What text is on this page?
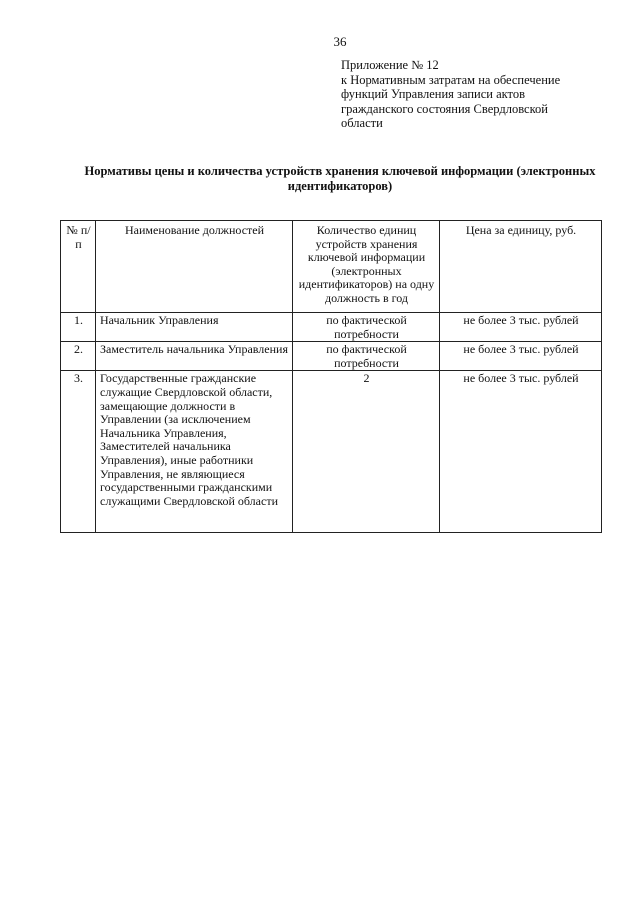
36
Приложение № 12
к Нормативным затратам на обеспечение
функций Управления записи актов
гражданского состояния Свердловской
области
Нормативы цены и количества устройств хранения ключевой информации (электронных
идентификаторов)
№ п/п	Наименование должностей	Количество единиц устройств хранения ключевой информации (электронных идентификаторов) на одну должность в год	Цена за единицу, руб.
1.	Начальник Управления	по фактической потребности	не более 3 тыс. рублей
2.	Заместитель начальника Управления	по фактической потребности	не более 3 тыс. рублей
3.	Государственные гражданские служащие Свердловской области, замещающие должности в Управлении (за исключением Начальника Управления, Заместителей начальника Управления), иные работники Управления, не являющиеся государственными гражданскими служащими Свердловской области	2	не более 3 тыс. рублей
